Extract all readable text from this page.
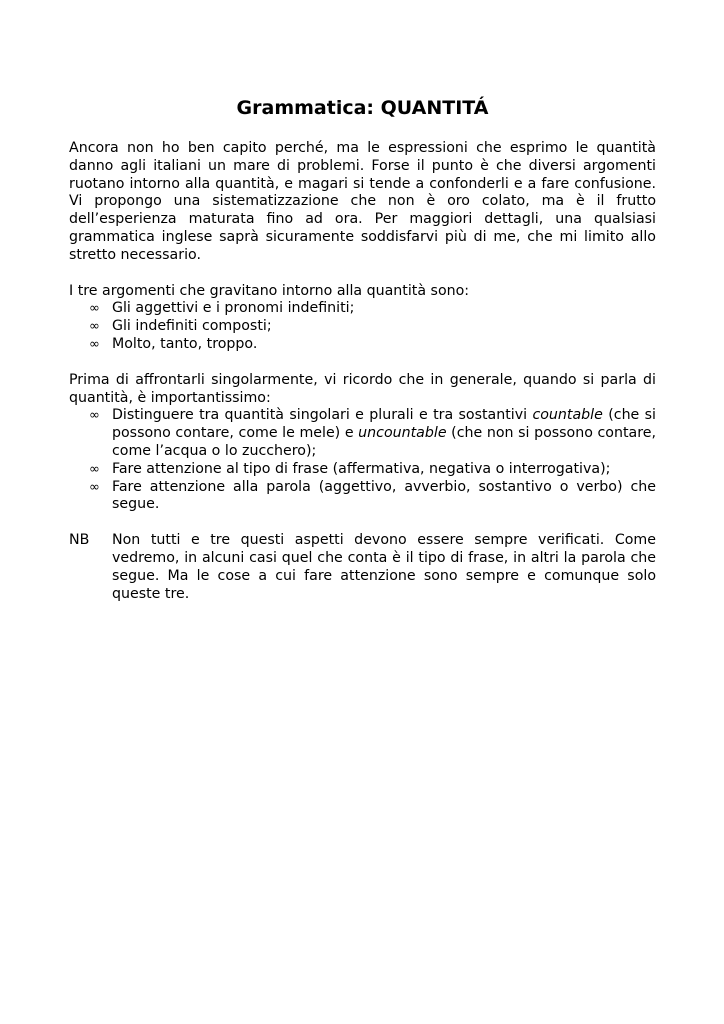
Grammatica: QUANTITÁ

Ancora non ho ben capito perché, ma le espressioni che esprimo le quantità danno agli italiani un mare di problemi. Forse il punto è che diversi argomenti ruotano intorno alla quantità, e magari si tende a confonderli e a fare confusione. Vi propongo una sistematizzazione che non è oro colato, ma è il frutto dell’esperienza maturata fino ad ora. Per maggiori dettagli, una qualsiasi grammatica inglese saprà sicuramente soddisfarvi più di me, che mi limito allo stretto necessario.

I tre argomenti che gravitano intorno alla quantità sono:

∞ Gli aggettivi e i pronomi indefiniti;
∞ Gli indefiniti composti;
∞ Molto, tanto, troppo.

Prima di affrontarli singolarmente, vi ricordo che in generale, quando si parla di quantità, è importantissimo:

∞ Distinguere tra quantità singolari e plurali e tra sostantivi countable (che si possono contare, come le mele) e uncountable (che non si possono contare, come l’acqua o lo zucchero);
∞ Fare attenzione al tipo di frase (affermativa, negativa o interrogativa);
∞ Fare attenzione alla parola (aggettivo, avverbio, sostantivo o verbo) che segue.
NB	Non tutti e tre questi aspetti devono essere sempre verificati. Come vedremo, in alcuni casi quel che conta è il tipo di frase, in altri la parola che segue. Ma le cose a cui fare attenzione sono sempre e comunque solo queste tre.
